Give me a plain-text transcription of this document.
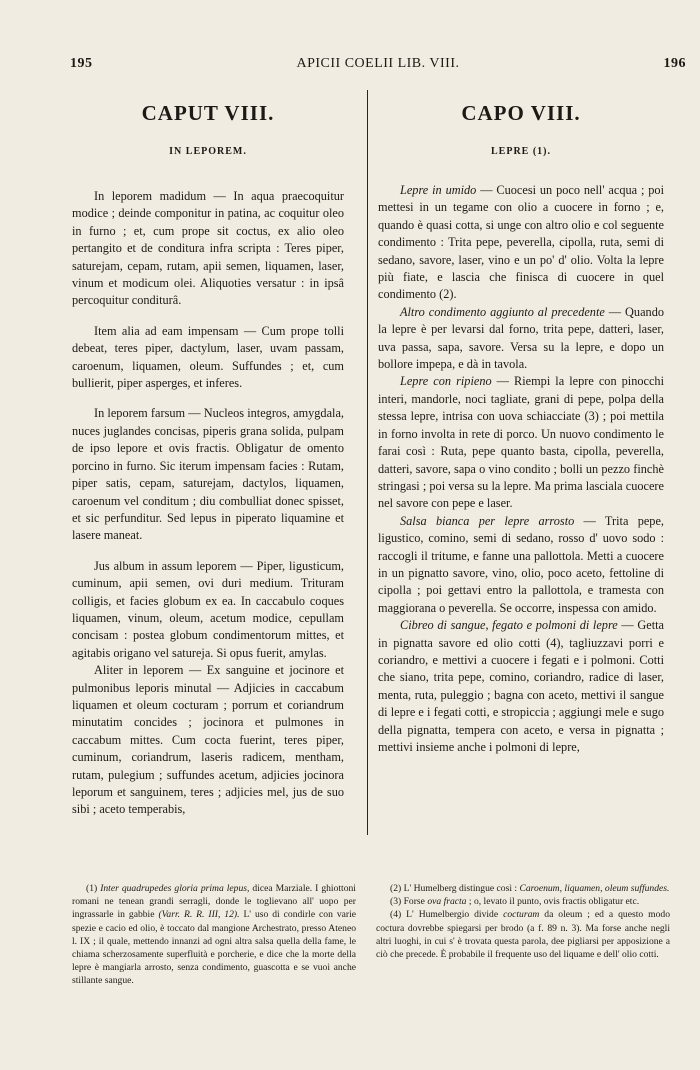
195	APICII COELII LIB. VIII.	196
CAPUT VIII.
IN LEPOREM.

In leporem madidum — In aqua praecoquitur modice ; deinde componitur in patina, ac coquitur oleo in furno ; et, cum prope sit coctus, ex alio oleo pertangito et de conditura infra scripta : Teres piper, saturejam, cepam, rutam, apii semen, liquamen, laser, vinum et modicum olei. Aliquoties versatur : in ipsâ percoquitur conditurâ.

Item alia ad eam impensam — Cum prope tolli debeat, teres piper, dactylum, laser, uvam passam, caroenum, liquamen, oleum. Suffundes ; et, cum bullierit, piper asperges, et inferes.

In leporem farsum — Nucleos integros, amygdala, nuces juglandes concisas, piperis grana solida, pulpam de ipso lepore et ovis fractis. Obligatur de omento porcino in furno. Sic iterum impensam facies : Rutam, piper satis, cepam, saturejam, dactylos, liquamen, caroenum vel conditum ; diu combulliat donec spisset, et sic perfunditur. Sed lepus in piperato liquamine et lasere maneat.

Jus album in assum leporem — Piper, ligusticum, cuminum, apii semen, ovi duri medium. Trituram colligis, et facies globum ex ea. In caccabulo coques liquamen, vinum, oleum, acetum modice, cepullam concisam : postea globum condimentorum mittes, et agitabis origano vel satureja. Si opus fuerit, amylas.

Aliter in leporem — Ex sanguine et jocinore et pulmonibus leporis minutal — Adjicies in caccabum liquamen et oleum cocturam ; porrum et coriandrum minutatim concides ; jocinora et pulmones in caccabum mittes. Cum cocta fuerint, teres piper, cuminum, coriandrum, laseris radicem, mentham, rutam, pulegium ; suffundes acetum, adjicies jocinora leporum et sanguinem, teres ; adjicies mel, jus de suo sibi ; aceto temperabis,

CAPO VIII.
LEPRE (1).

Lepre in umido — Cuocesi un poco nell' acqua ; poi mettesi in un tegame con olio a cuocere in forno ; e, quando è quasi cotta, si unge con altro olio e col seguente condimento : Trita pepe, peverella, cipolla, ruta, semi di sedano, savore, laser, vino e un po' d' olio. Volta la lepre più fiate, e lascia che finisca di cuocere in quel condimento (2).

Altro condimento aggiunto al precedente — Quando la lepre è per levarsi dal forno, trita pepe, datteri, laser, uva passa, sapa, savore. Versa su la lepre, e dopo un bollore impepa, e dà in tavola.

Lepre con ripieno — Riempi la lepre con pinocchi interi, mandorle, noci tagliate, grani di pepe, polpa della stessa lepre, intrisa con uova schiacciate (3) ; poi mettila in forno involta in rete di porco. Un nuovo condimento le farai così : Ruta, pepe quanto basta, cipolla, peverella, datteri, savore, sapa o vino condito ; bolli un pezzo finchè stringasi ; poi versa su la lepre. Ma prima lasciala cuocere nel savore con pepe e laser.

Salsa bianca per lepre arrosto — Trita pepe, ligustico, comino, semi di sedano, rosso d' uovo sodo : raccogli il tritume, e fanne una pallottola. Metti a cuocere in un pignatto savore, vino, olio, poco aceto, fettoline di cipolla ; poi gettavi entro la pallottola, e tramesta con maggiorana o peverella. Se occorre, inspessa con amido.

Cibreo di sangue, fegato e polmoni di lepre — Getta in pignatta savore ed olio cotti (4), tagliuzzavi porri e coriandro, e mettivi a cuocere i fegati e i polmoni. Cotti che siano, trita pepe, comino, coriandro, radice di laser, menta, ruta, puleggio ; bagna con aceto, mettivi il sangue di lepre e i fegati cotti, e stropiccia ; aggiungi mele e sugo della pignatta, tempera con aceto, e versa in pignatta ; mettivi insieme anche i polmoni di lepre,

(1) Inter quadrupedes gloria prima lepus, dicea Marziale. I ghiottoni romani ne tenean grandi serragli, donde le toglievano all' uopo per ingrassarle in gabbie (Varr. R. R. III, 12). L' uso di condirle con varie spezie e cacio ed olio, è toccato dal mangione Archestrato, presso Ateneo l. IX ; il quale, mettendo innanzi ad ogni altra salsa quella della fame, le chiama scherzosamente superfluità e porcherie, e dice che la morte della lepre è mangiarla arrosto, senza condimento, guascotta e se vuoi anche stillante sangue.

(2) L' Humelberg distingue così : Caroenum, liquamen, oleum suffundes.

(3) Forse ova fracta ; o, levato il punto, ovis fractis obligatur etc.

(4) L' Humelbergio divide cocturam da oleum ; ed a questo modo coctura dovrebbe spiegarsi per brodo (a f. 89 n. 3). Ma forse anche negli altri luoghi, in cui s' è trovata questa parola, dee pigliarsi per apposizione a ciò che precede. È probabile il frequente uso del liquame e dell' olio cotti.
